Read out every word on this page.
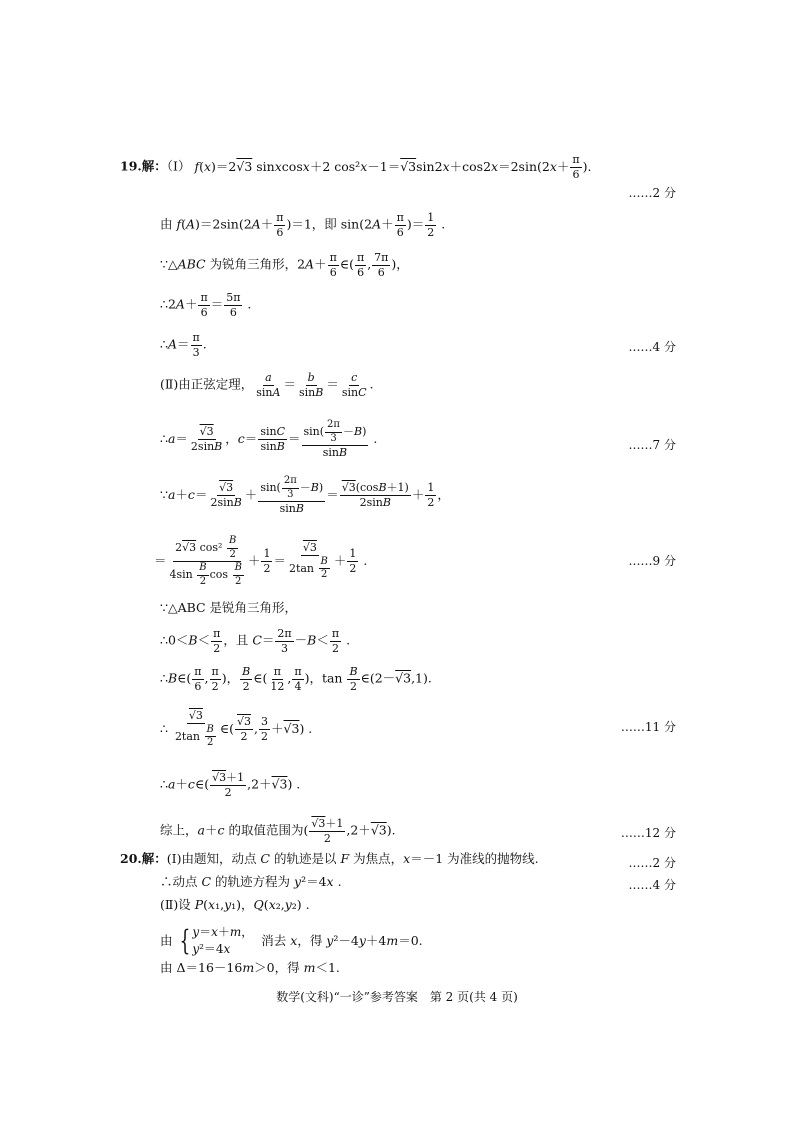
19.解：（Ⅰ） f(x)＝2√3 sinxcosx＋2 $\cos^2x-1=√3\sin 2x+\cos 2x=2\sin(2x+ \frac{\pi}{6}$ ).
……2 分
由 $f(A)=2\sin(2A+ \frac{\pi}{6} )=1$，即 $\sin(2A+ \frac{\pi}{6}$ )＝ $\frac{1}{2}$ .
∵△ABC 为锐角三角形，$2A+ \frac{\pi}{6}$ ∈( $\frac{\pi}{6}$ , $\frac{7\pi}{6}$ )，
∴2A＋ $\frac{\pi}{6} = \frac{5\pi}{6}$ .
∴A＝ $\frac{\pi}{3}$ .	……4 分
(Ⅱ)由正弦定理， $\frac{a}{\sin A} = \frac{b}{\sin B} = \frac{c}{\sin C}$ .
∴a＝ $\frac{√3}{2\sin B}$ ，$c= \frac{\sin C}{\sin B} = \frac{\sin( \frac{2\pi}{3} -B)}{\sin B}$ .	……7 分
∵a＋c＝ $\frac{√3}{2\sin B} + \frac{\sin( \frac{2\pi}{3} -B)}{\sin B} = \frac{√3(\cos B+1)}{2\sin B} + \frac{1}{2}$ ，
＝ $\frac{2√3 \cos^2 \frac{B}{2}}{4\sin \frac{B}{2} \cos \frac{B}{2}} + \frac{1}{2} = \frac{√3}{2\tan \frac{B}{2}} + \frac{1}{2}$ .	……9 分
∵△ABC 是锐角三角形，
∴0＜B＜ $\frac{\pi}{2}$ ，且 $C= \frac{2\pi}{3} -B< \frac{\pi}{2}$ .
∴B∈( $\frac{\pi}{6}$ , $\frac{\pi}{2}$ )， $\frac{B}{2}$ ∈( $\frac{\pi}{12}$ , $\frac{\pi}{4}$ )，$\tan \frac{B}{2}$ ∈(2－√3,1).
∴ $\frac{√3}{2\tan \frac{B}{2}}$ ∈( $\frac{√3}{2}$ , $\frac{3}{2} +√3$) .	……11 分
∴a＋c∈( $\frac{√3+1}{2} ,2+√3$) .
综上，a＋c 的取值范围为( $\frac{√3+1}{2} ,2+√3$).	……12 分
20.解：(Ⅰ)由题知，动点 C 的轨迹是以 F 为焦点，x＝－1 为准线的抛物线.	……2 分
∴动点 C 的轨迹方程为 y²＝4x .	……4 分
(Ⅱ)设 P(x₁,y₁)，Q(x₂,y₂) .
由 { y＝x＋m，
y²＝4x
消去 x，得 y²－4y＋4m＝0.
由 Δ＝16－16m＞0，得 m＜1.
数学(文科)“一诊”参考答案　第 2 页(共 4 页)
